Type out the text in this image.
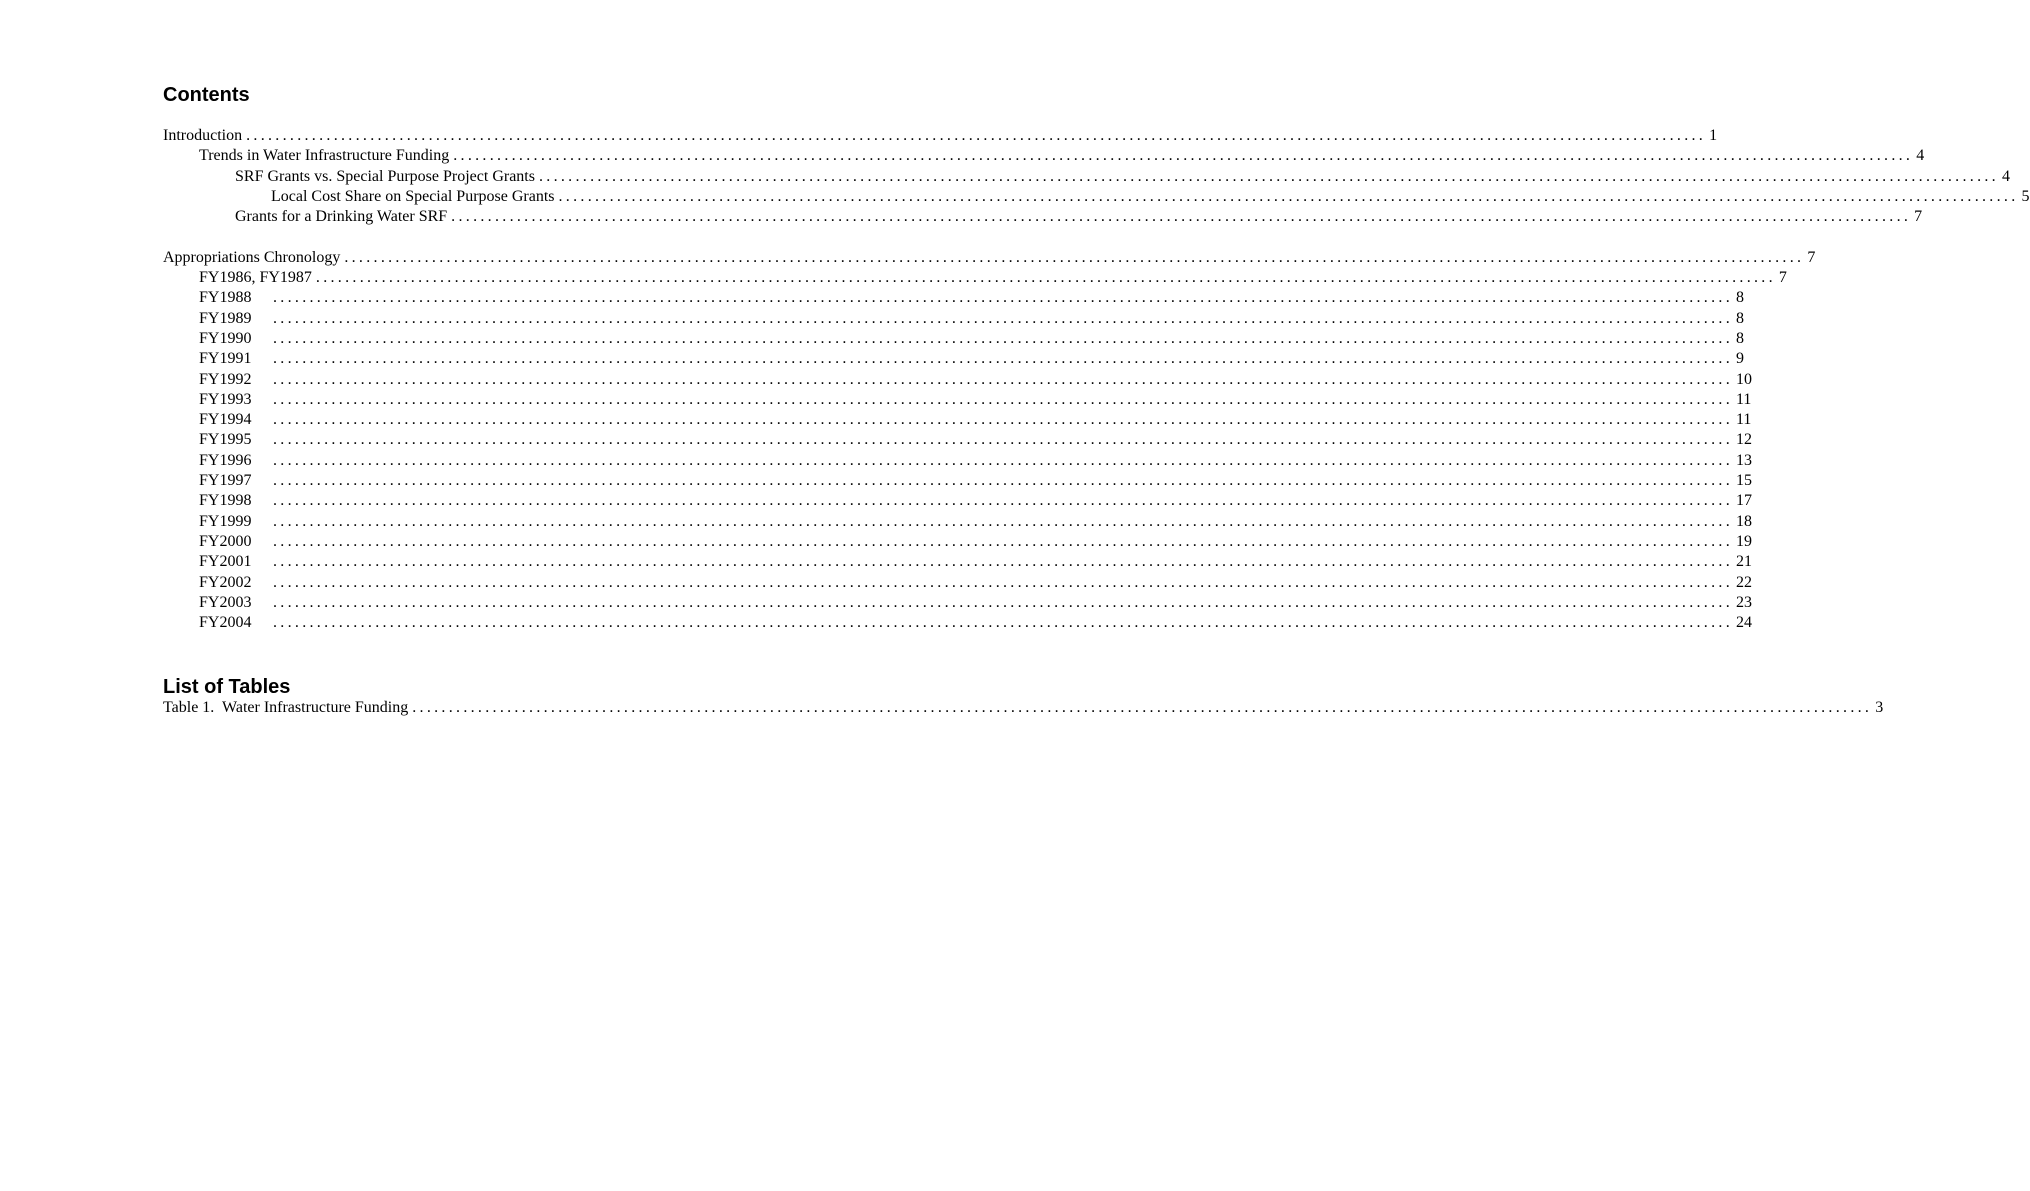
Contents
Introduction ........................................................................................................................................................................................................ 1
Trends in Water Infrastructure Funding ........................................................................................................................................................................................................ 4
SRF Grants vs. Special Purpose Project Grants ........................................................................................................................................................................................................ 4
Local Cost Share on Special Purpose Grants ........................................................................................................................................................................................................ 5
Grants for a Drinking Water SRF ........................................................................................................................................................................................................ 7
Appropriations Chronology ........................................................................................................................................................................................................ 7
FY1986, FY1987 ........................................................................................................................................................................................................ 7
FY1988	........................................................................................................................................................................................................ 8
FY1989	........................................................................................................................................................................................................ 8
FY1990	........................................................................................................................................................................................................ 8
FY1991	........................................................................................................................................................................................................ 9
FY1992	........................................................................................................................................................................................................ 10
FY1993	........................................................................................................................................................................................................ 11
FY1994	........................................................................................................................................................................................................ 11
FY1995	........................................................................................................................................................................................................ 12
FY1996	........................................................................................................................................................................................................ 13
FY1997	........................................................................................................................................................................................................ 15
FY1998	........................................................................................................................................................................................................ 17
FY1999	........................................................................................................................................................................................................ 18
FY2000	........................................................................................................................................................................................................ 19
FY2001	........................................................................................................................................................................................................ 21
FY2002	........................................................................................................................................................................................................ 22
FY2003	........................................................................................................................................................................................................ 23
FY2004	........................................................................................................................................................................................................ 24
List of Tables
Table 1.  Water Infrastructure Funding ........................................................................................................................................................................................................ 3
